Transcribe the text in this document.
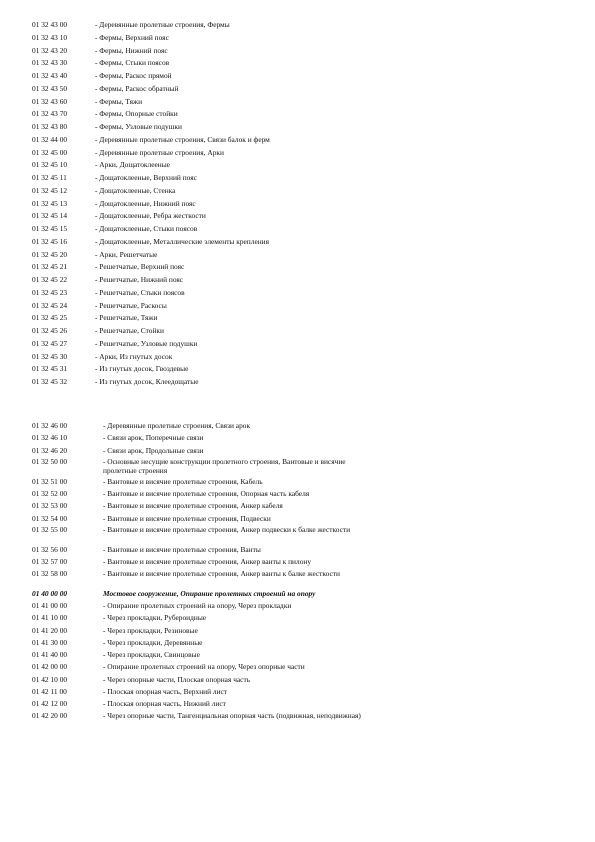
01 32 43 00	- Деревянные пролетные строения, Фермы
01 32 43 10	- Фермы, Верхний пояс
01 32 43 20	- Фермы, Нижний пояс
01 32 43 30	- Фермы, Стыки поясов
01 32 43 40	- Фермы, Раскос прямой
01 32 43 50	- Фермы, Раскос обратный
01 32 43 60	- Фермы, Тяжи
01 32 43 70	- Фермы, Опорные стойки
01 32 43 80	- Фермы, Узловые подушки
01 32 44 00	- Деревянные пролетные строения, Связи балок и ферм
01 32 45 00	- Деревянные пролетные строения, Арки
01 32 45 10	- Арки, Дощатоклееные
01 32 45 11	- Дощатоклееные, Верхний пояс
01 32 45 12	- Дощатоклееные, Стенка
01 32 45 13	- Дощатоклееные, Нижний пояс
01 32 45 14	- Дощатоклееные, Ребра жесткости
01 32 45 15	- Дощатоклееные, Стыки поясов
01 32 45 16	- Дощатоклееные, Металлические элементы крепления
01 32 45 20	- Арки, Решетчатые
01 32 45 21	- Решетчатые, Верхний пояс
01 32 45 22	- Решетчатые, Нижний пояс
01 32 45 23	- Решетчатые, Стыки поясов
01 32 45 24	- Решетчатые, Раскосы
01 32 45 25	- Решетчатые, Тяжи
01 32 45 26	- Решетчатые, Стойки
01 32 45 27	- Решетчатые, Узловые подушки
01 32 45 30	- Арки, Из гнутых досок
01 32 45 31	- Из гнутых досок, Гвоздевые
01 32 45 32	- Из гнутых досок, Клеедощатые
01 32 46 00	- Деревянные пролетные строения, Связи арок
01 32 46 10	- Связи арок, Поперечные связи
01 32 46 20	- Связи арок, Продольные связи
01 32 50 00	- Основные несущие конструкции пролетного строения, Вантовые и висячие пролетные строения
01 32 51 00	- Вантовые и висячие пролетные строения, Кабель
01 32 52 00	- Вантовые и висячие пролетные строения, Опорная часть кабеля
01 32 53 00	- Вантовые и висячие пролетные строения, Анкер кабеля
01 32 54 00	- Вантовые и висячие пролетные строения, Подвески
01 32 55 00	- Вантовые и висячие пролетные строения, Анкер подвески к балке жесткости
01 32 56 00	- Вантовые и висячие пролетные строения, Ванты
01 32 57 00	- Вантовые и висячие пролетные строения, Анкер ванты к пилону
01 32 58 00	- Вантовые и висячие пролетные строения, Анкер ванты к балке жесткости
01 40 00 00	Мостовое сооружение, Опирание пролетных строений на опору
01 41 00 00	- Опирание пролетных строений на опору, Через прокладки
01 41 10 00	- Через прокладки, Рубероидные
01 41 20 00	- Через прокладки, Резиновые
01 41 30 00	- Через прокладки, Деревянные
01 41 40 00	- Через прокладки, Свинцовые
01 42 00 00	- Опирание пролетных строений на опору, Через опорные части
01 42 10 00	- Через опорные части, Плоская опорная часть
01 42 11 00	- Плоская опорная часть, Верхний лист
01 42 12 00	- Плоская опорная часть, Нижний лист
01 42 20 00	- Через опорные части, Тангенциальная опорная часть (подвижная, неподвижная)
